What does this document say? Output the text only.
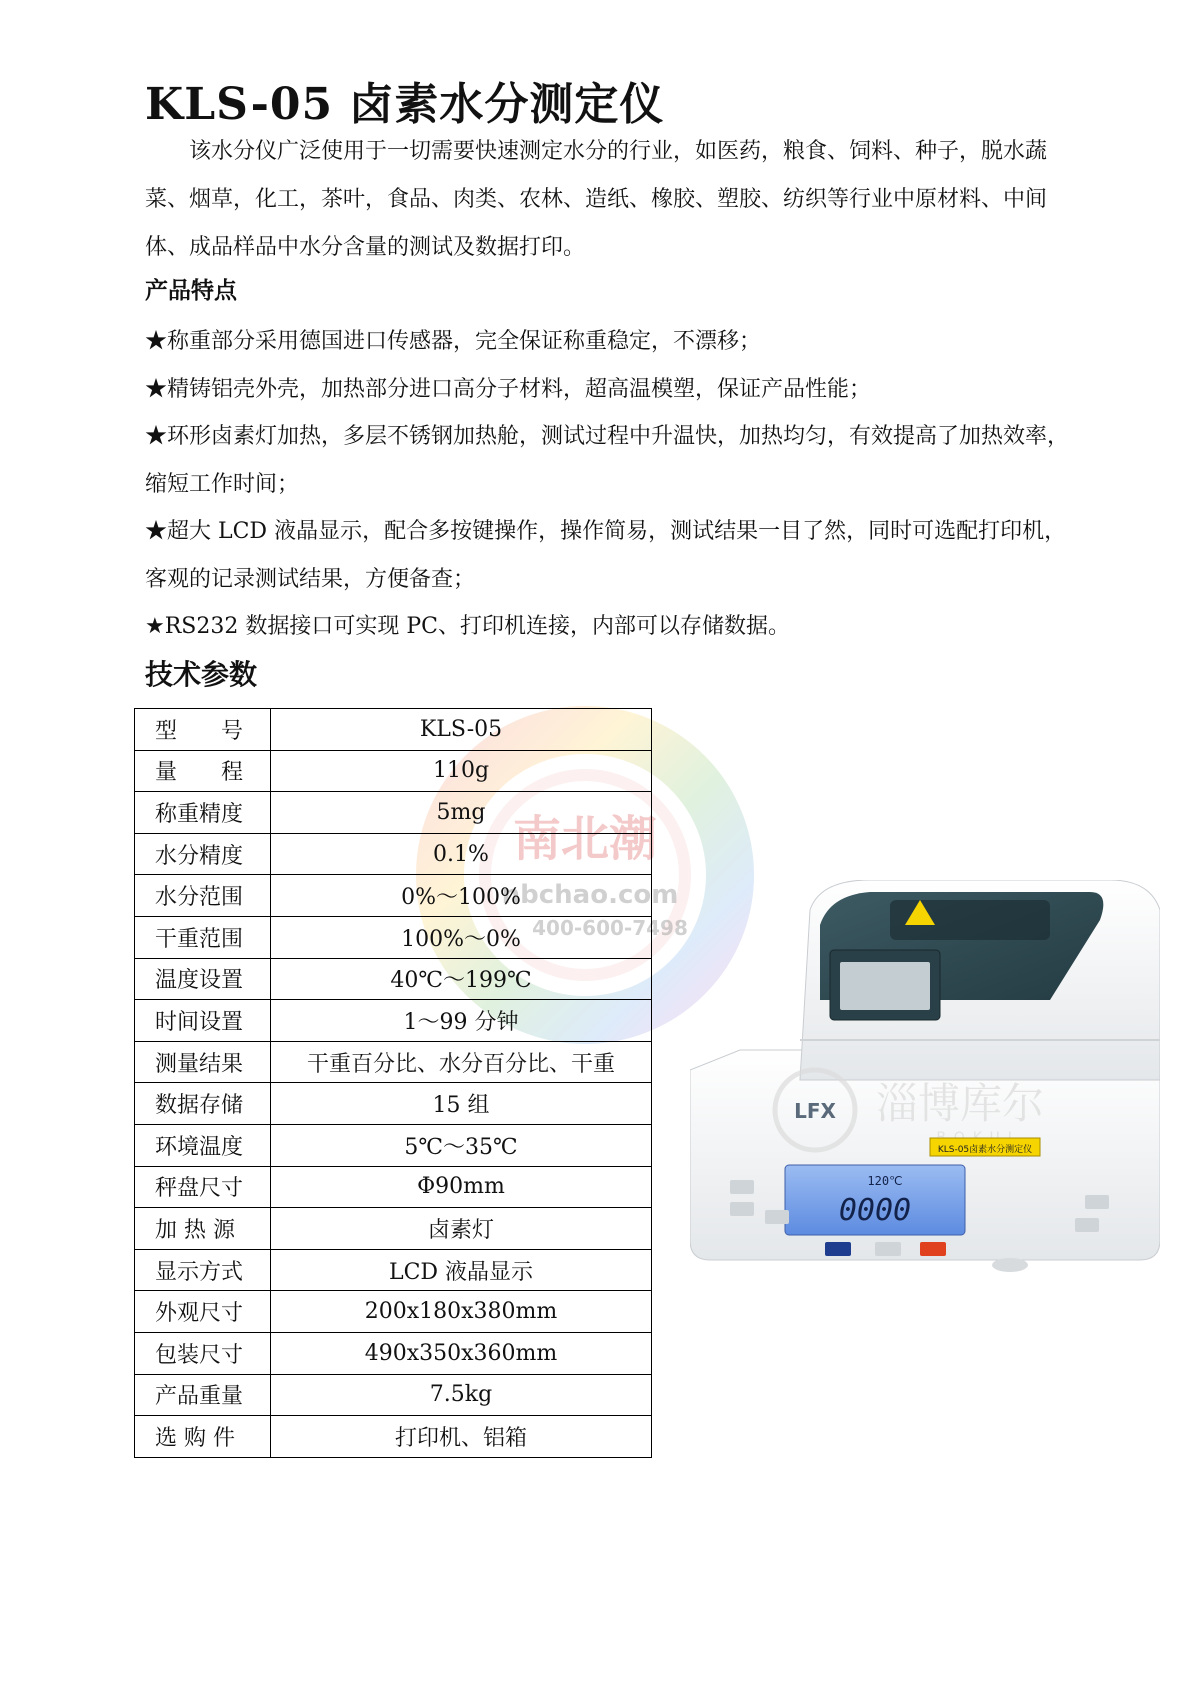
KLS-05 卤素水分测定仪
该水分仪广泛使用于一切需要快速测定水分的行业，如医药，粮食、饲料、种子，脱水蔬菜、烟草，化工，茶叶，食品、肉类、农林、造纸、橡胶、塑胶、纺织等行业中原材料、中间体、成品样品中水分含量的测试及数据打印。
产品特点
★称重部分采用德国进口传感器，完全保证称重稳定，不漂移；
★精铸铝壳外壳，加热部分进口高分子材料，超高温模塑，保证产品性能；
★环形卤素灯加热，多层不锈钢加热舱，测试过程中升温快，加热均匀，有效提高了加热效率，缩短工作时间；
★超大 LCD 液晶显示，配合多按键操作，操作简易，测试结果一目了然，同时可选配打印机，客观的记录测试结果，方便备查；
★RS232 数据接口可实现 PC、打印机连接，内部可以存储数据。
技术参数
南北潮
nbchao.com
400-600-7498
型　　号	KLS-05
量　　程	110g
称重精度	5mg
水分精度	0.1%
水分范围	0%～100%
干重范围	100%～0%
温度设置	40℃～199℃
时间设置	1～99 分钟
测量结果	干重百分比、水分百分比、干重
数据存储	15 组
环境温度	5℃～35℃
秤盘尺寸	Φ90mm
加 热 源	卤素灯
显示方式	LCD 液晶显示
外观尺寸	200x180x380mm
包装尺寸	490x350x360mm
产品重量	7.5kg
选 购 件	打印机、铝箱
LFX 淄博库尔
KLS-05卤素水分测定仪
120℃
0000
